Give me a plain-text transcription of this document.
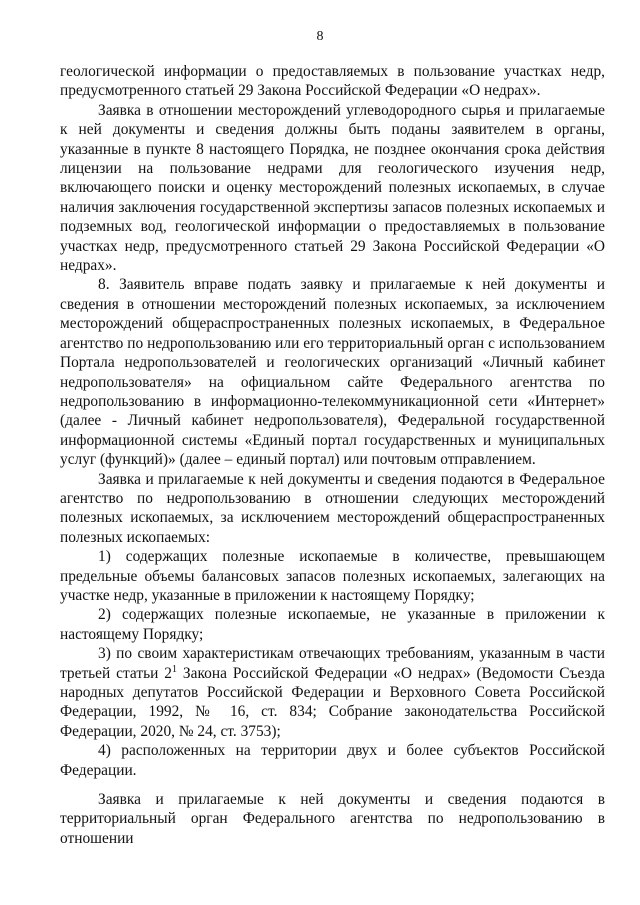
8

геологической информации о предоставляемых в пользование участках недр, предусмотренного статьей 29 Закона Российской Федерации «О недрах».

Заявка в отношении месторождений углеводородного сырья и прилагаемые к ней документы и сведения должны быть поданы заявителем в органы, указанные в пункте 8 настоящего Порядка, не позднее окончания срока действия лицензии на пользование недрами для геологического изучения недр, включающего поиски и оценку месторождений полезных ископаемых, в случае наличия заключения государственной экспертизы запасов полезных ископаемых и подземных вод, геологической информации о предоставляемых в пользование участках недр, предусмотренного статьей 29 Закона Российской Федерации «О недрах».

8. Заявитель вправе подать заявку и прилагаемые к ней документы и сведения в отношении месторождений полезных ископаемых, за исключением месторождений общераспространенных полезных ископаемых, в Федеральное агентство по недропользованию или его территориальный орган с использованием Портала недропользователей и геологических организаций «Личный кабинет недропользователя» на официальном сайте Федерального агентства по недропользованию в информационно-телекоммуникационной сети «Интернет» (далее - Личный кабинет недропользователя), Федеральной государственной информационной системы «Единый портал государственных и муниципальных услуг (функций)» (далее – единый портал) или почтовым отправлением.

Заявка и прилагаемые к ней документы и сведения подаются в Федеральное агентство по недропользованию в отношении следующих месторождений полезных ископаемых, за исключением месторождений общераспространенных полезных ископаемых:

1) содержащих полезные ископаемые в количестве, превышающем предельные объемы балансовых запасов полезных ископаемых, залегающих на участке недр, указанные в приложении к настоящему Порядку;

2) содержащих полезные ископаемые, не указанные в приложении к настоящему Порядку;

3) по своим характеристикам отвечающих требованиям, указанным в части третьей статьи $2^1$ Закона Российской Федерации «О недрах» (Ведомости Съезда народных депутатов Российской Федерации и Верховного Совета Российской Федерации, 1992, № 16, ст. 834; Собрание законодательства Российской Федерации, 2020, № 24, ст. 3753);

4) расположенных на территории двух и более субъектов Российской Федерации.

Заявка и прилагаемые к ней документы и сведения подаются в территориальный орган Федерального агентства по недропользованию в отношении
